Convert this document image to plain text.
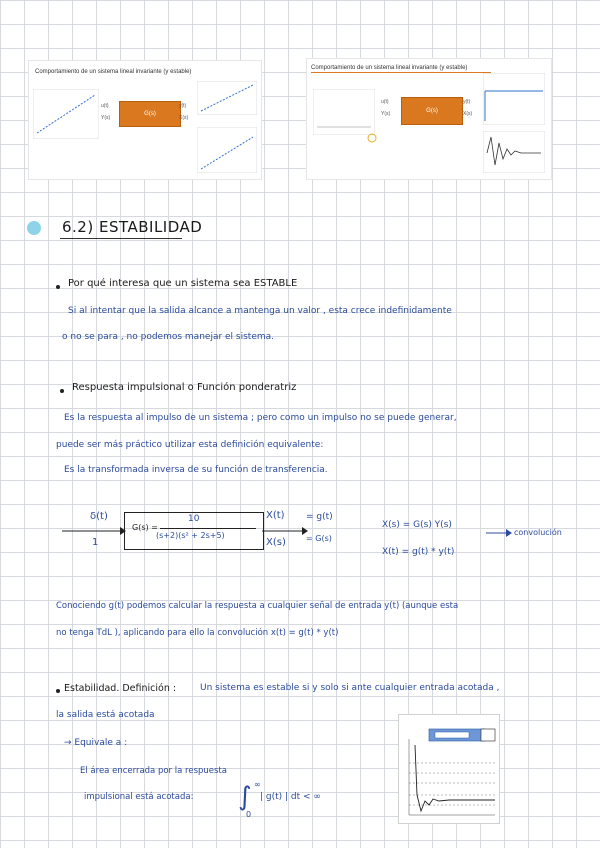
Comportamiento de un sistema lineal invariante (y estable)
u(t)
Y(s)
G(s)
y(t)
X(s)
Comportamiento de un sistema lineal invariante (y estable)
u(t)
Y(s)	G(s)
y(t)
X(s)
6.2) ESTABILIDAD
Por qué interesa que un sistema sea ESTABLE
Si al intentar que la salida alcance a mantenga un valor , esta crece indefinidamente
o no se para , no podemos manejar el sistema.
Respuesta impulsional o Función ponderatriz
Es la respuesta al impulso de un sistema ; pero como un impulso no se puede generar,
puede ser más práctico utilizar esta definición equivalente:
Es la transformada inversa de su función de transferencia.
δ(t)
1
G(s) =
10
(s+2)(s² + 2s+5)
X(t) = g(t)
X(s)	= G(s)
X(s) = G(s) Y(s)
X(t) = g(t) * y(t)
convolución
Conociendo g(t) podemos calcular la respuesta a cualquier señal de entrada y(t) (aunque esta
no tenga TdL ), aplicando para ello la convolución x(t) = g(t) * y(t)
Estabilidad. Definición :	Un sistema es estable si y solo si ante cualquier entrada acotada ,
la salida está acotada
→ Equivale a :
El área encerrada por la respuesta
impulsional está acotada: ∫ ∞
0
| g(t) | dt < ∞
